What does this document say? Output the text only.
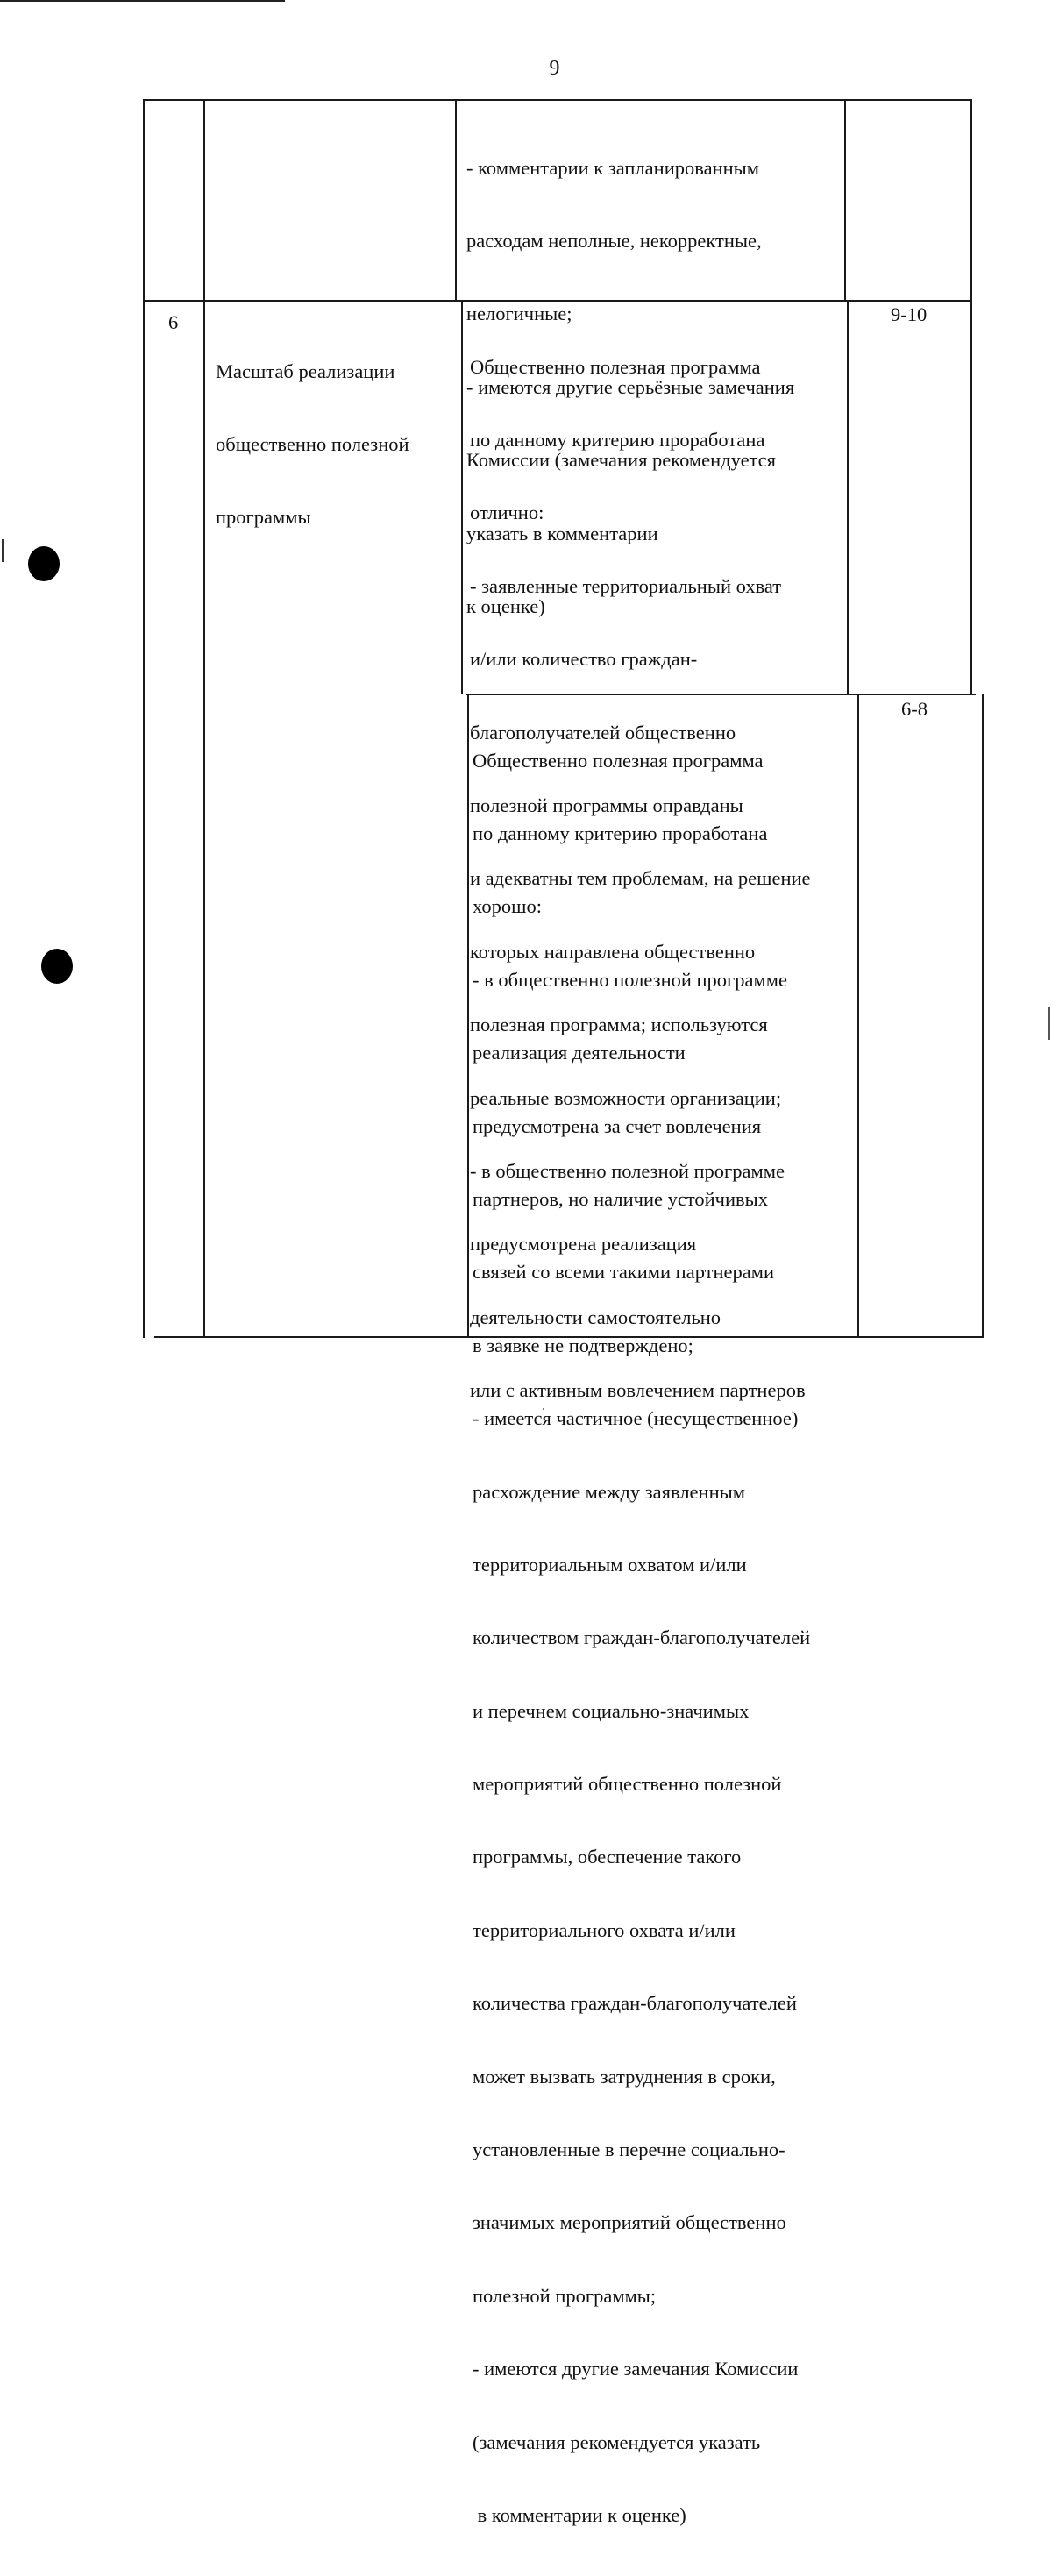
9

- комментарии к запланированным

расходам неполные, некорректные,

нелогичные;

- имеются другие серьёзные замечания

Комиссии (замечания рекомендуется

указать в комментарии

к оценке)

6

Масштаб реализации

общественно полезной

программы

Общественно полезная программа

по данному критерию проработана

отлично:

- заявленные территориальный охват

и/или количество граждан-

благополучателей общественно

полезной программы оправданы

и адекватны тем проблемам, на решение

которых направлена общественно

полезная программа; используются

реальные возможности организации;

- в общественно полезной программе

предусмотрена реализация

деятельности самостоятельно

или с активным вовлечением партнеров

9-10

Общественно полезная программа

по данному критерию проработана

хорошо:

- в общественно полезной программе

реализация деятельности

предусмотрена за счет вовлечения

партнеров, но наличие устойчивых

связей со всеми такими партнерами

в заявке не подтверждено;

- имеется частичное (несущественное)

расхождение между заявленным

территориальным охватом и/или

количеством граждан-благополучателей

и перечнем социально-значимых

мероприятий общественно полезной

программы, обеспечение такого

территориального охвата и/или

количества граждан-благополучателей

может вызвать затруднения в сроки,

установленные в перечне социально-

значимых мероприятий общественно

полезной программы;

- имеются другие замечания Комиссии

(замечания рекомендуется указать

в комментарии к оценке)

6-8
